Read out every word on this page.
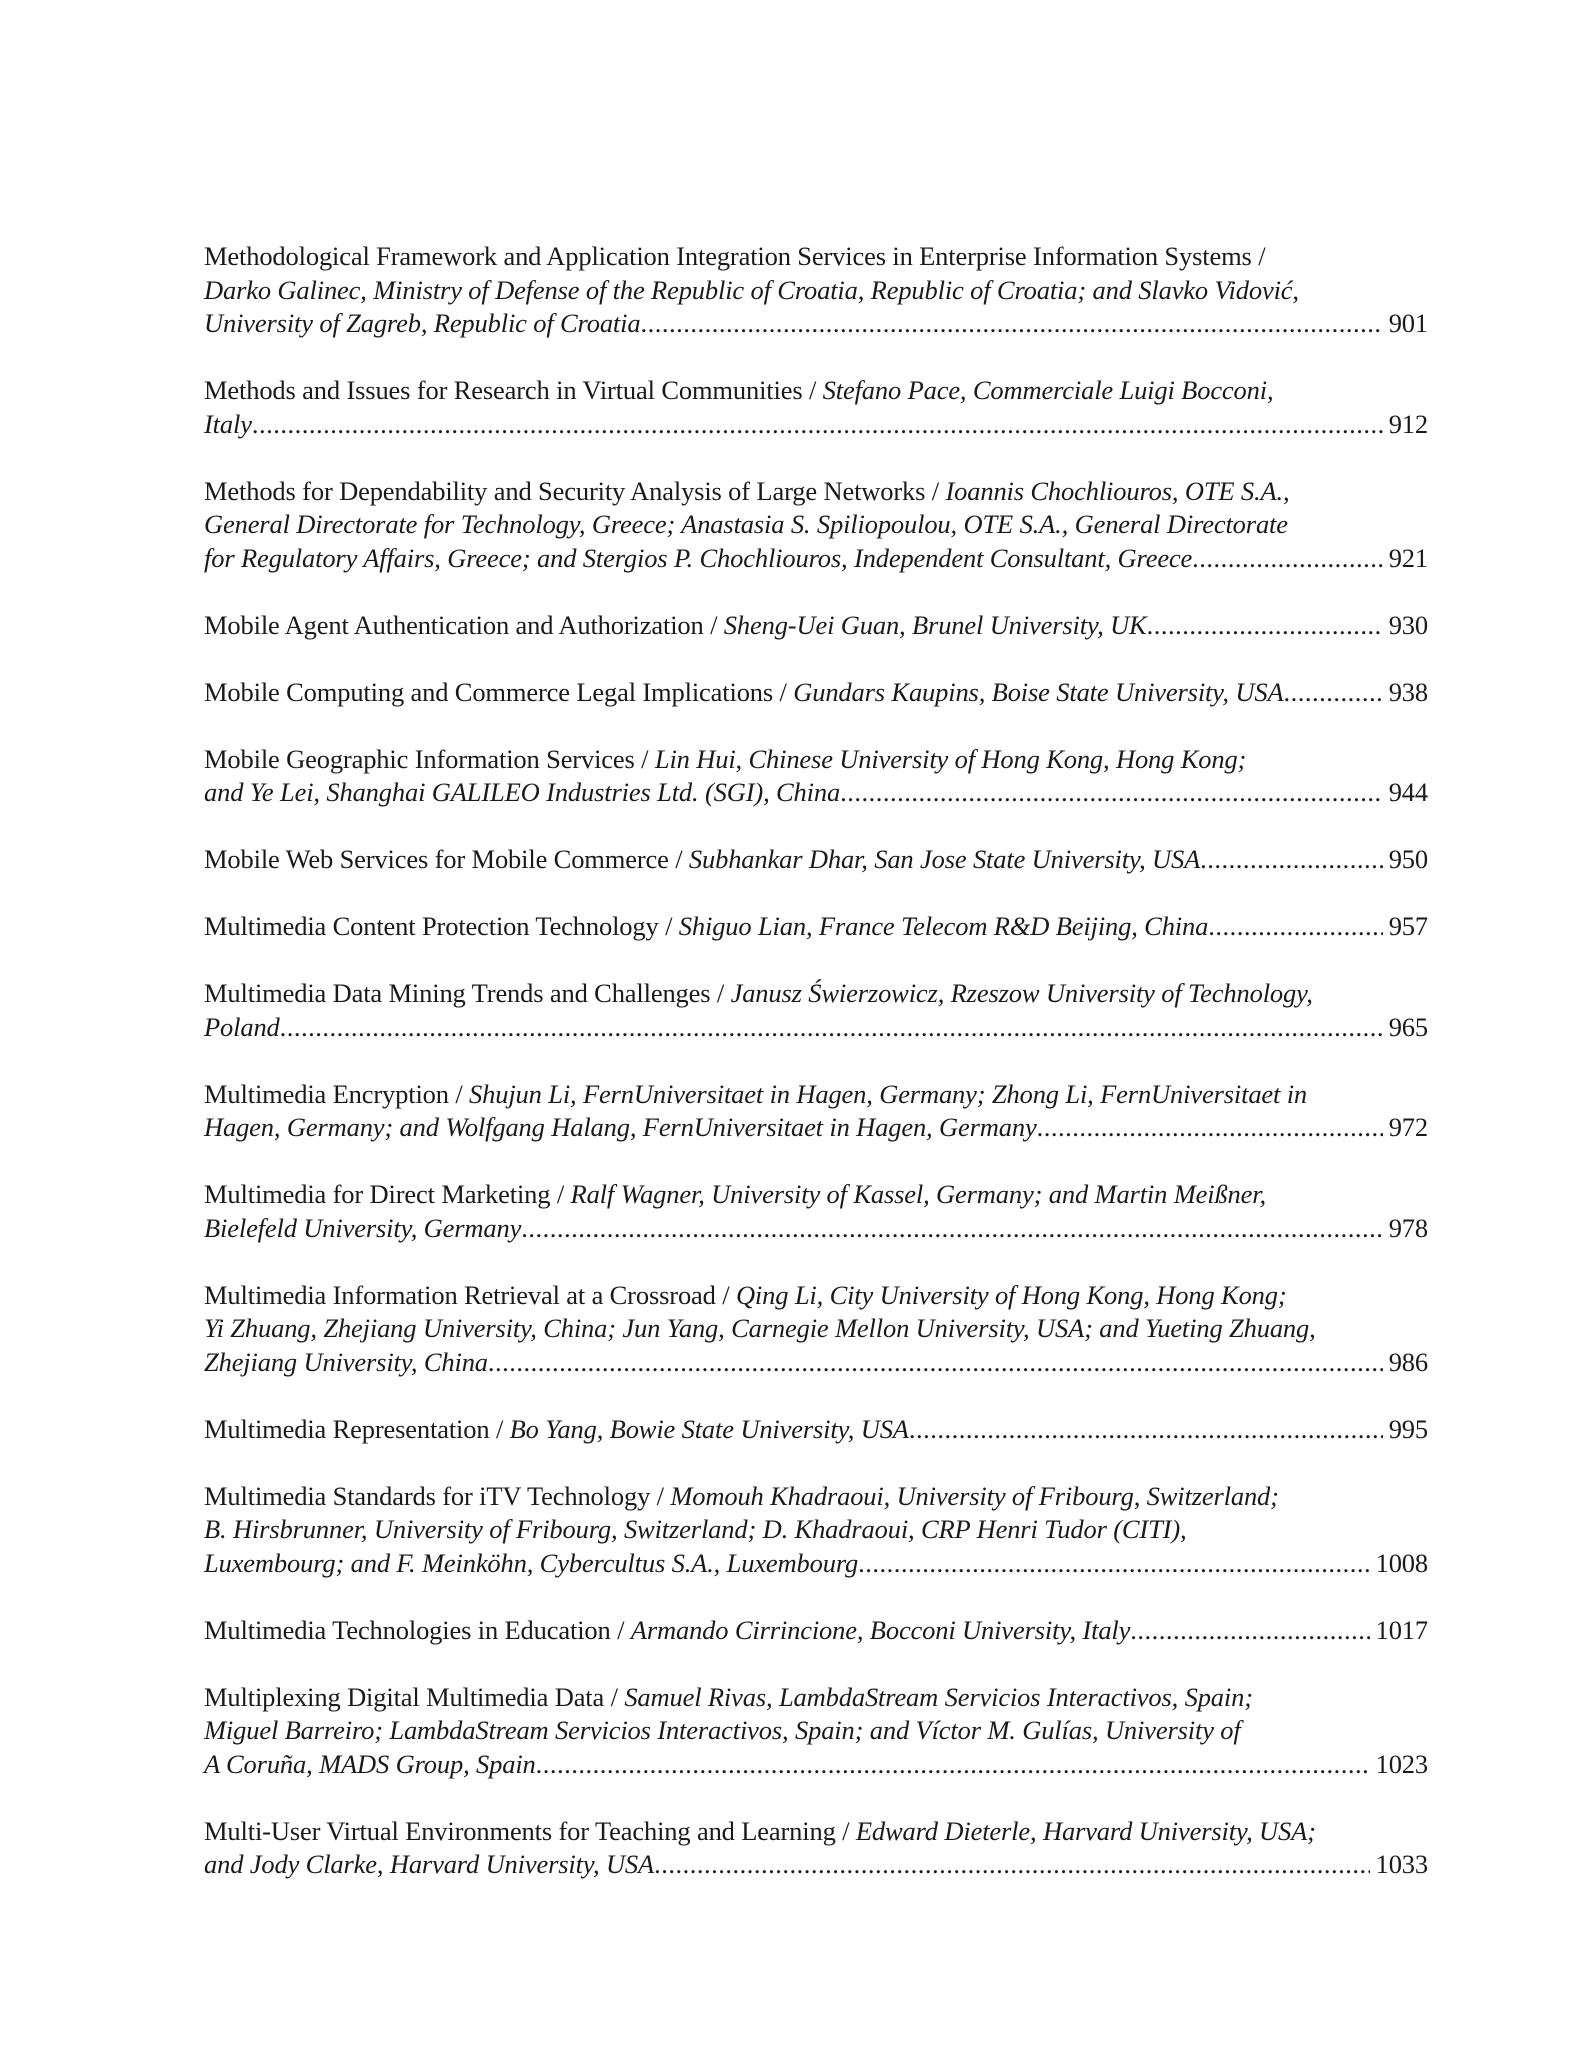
Methodological Framework and Application Integration Services in Enterprise Information Systems /
Darko Galinec, Ministry of Defense of the Republic of Croatia, Republic of Croatia; and Slavko Vidović,
University of Zagreb, Republic of Croatia .....	901
Methods and Issues for Research in Virtual Communities / Stefano Pace, Commerciale Luigi Bocconi,
Italy .....	912
Methods for Dependability and Security Analysis of Large Networks / Ioannis Chochliouros, OTE S.A.,
General Directorate for Technology, Greece; Anastasia S. Spiliopoulou, OTE S.A., General Directorate
for Regulatory Affairs, Greece; and Stergios P. Chochliouros, Independent Consultant, Greece .....	921
Mobile Agent Authentication and Authorization / Sheng-Uei Guan, Brunel University, UK .....	930
Mobile Computing and Commerce Legal Implications / Gundars Kaupins, Boise State University, USA .....	938
Mobile Geographic Information Services / Lin Hui, Chinese University of Hong Kong, Hong Kong;
and Ye Lei, Shanghai GALILEO Industries Ltd. (SGI), China .....	944
Mobile Web Services for Mobile Commerce / Subhankar Dhar, San Jose State University, USA .....	950
Multimedia Content Protection Technology / Shiguo Lian, France Telecom R&D Beijing, China .....	957
Multimedia Data Mining Trends and Challenges / Janusz Świerzowicz, Rzeszow University of Technology,
Poland .....	965
Multimedia Encryption / Shujun Li, FernUniversitaet in Hagen, Germany; Zhong Li, FernUniversitaet in
Hagen, Germany; and Wolfgang Halang, FernUniversitaet in Hagen, Germany .....	972
Multimedia for Direct Marketing / Ralf Wagner, University of Kassel, Germany; and Martin Meißner,
Bielefeld University, Germany .....	978
Multimedia Information Retrieval at a Crossroad / Qing Li, City University of Hong Kong, Hong Kong;
Yi Zhuang, Zhejiang University, China; Jun Yang, Carnegie Mellon University, USA; and Yueting Zhuang,
Zhejiang University, China .....	986
Multimedia Representation / Bo Yang, Bowie State University, USA .....	995
Multimedia Standards for iTV Technology / Momouh Khadraoui, University of Fribourg, Switzerland;
B. Hirsbrunner, University of Fribourg, Switzerland; D. Khadraoui, CRP Henri Tudor (CITI),
Luxembourg; and F. Meinköhn, Cybercultus S.A., Luxembourg .....	1008
Multimedia Technologies in Education / Armando Cirrincione, Bocconi University, Italy .....	1017
Multiplexing Digital Multimedia Data / Samuel Rivas, LambdaStream Servicios Interactivos, Spain;
Miguel Barreiro; LambdaStream Servicios Interactivos, Spain; and Víctor M. Gulías, University of
A Coruña, MADS Group, Spain .....	1023
Multi-User Virtual Environments for Teaching and Learning / Edward Dieterle, Harvard University, USA;
and Jody Clarke, Harvard University, USA .....	1033
